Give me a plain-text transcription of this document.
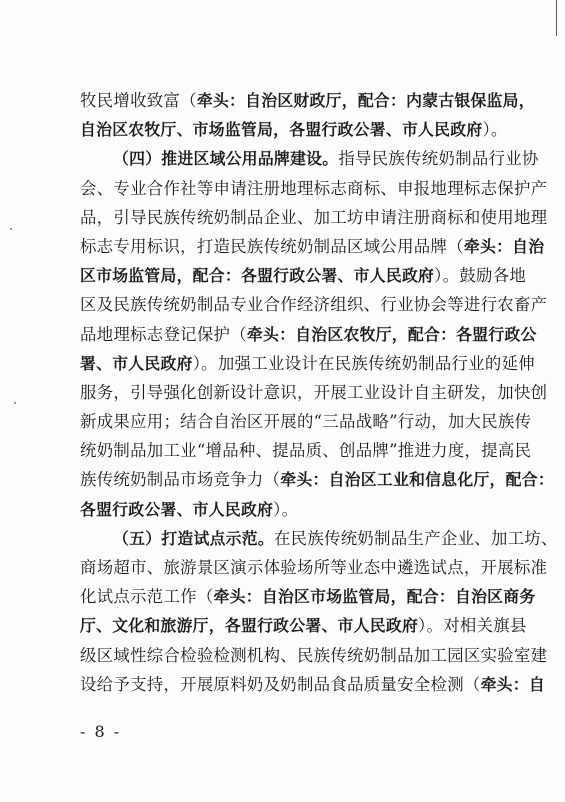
牧民增收致富（牵头：自治区财政厅，配合：内蒙古银保监局，
自治区农牧厅、市场监管局，各盟行政公署、市人民政府）。
（四）推进区域公用品牌建设。指导民族传统奶制品行业协
会、专业合作社等申请注册地理标志商标、申报地理标志保护产
品，引导民族传统奶制品企业、加工坊申请注册商标和使用地理
标志专用标识，打造民族传统奶制品区域公用品牌（牵头：自治
区市场监管局，配合：各盟行政公署、市人民政府）。鼓励各地
区及民族传统奶制品专业合作经济组织、行业协会等进行农畜产
品地理标志登记保护（牵头：自治区农牧厅，配合：各盟行政公
署、市人民政府）。加强工业设计在民族传统奶制品行业的延伸
服务，引导强化创新设计意识，开展工业设计自主研发，加快创
新成果应用；结合自治区开展的“三品战略”行动，加大民族传
统奶制品加工业“增品种、提品质、创品牌”推进力度，提高民
族传统奶制品市场竞争力（牵头：自治区工业和信息化厅，配合：
各盟行政公署、市人民政府）。
（五）打造试点示范。在民族传统奶制品生产企业、加工坊、
商场超市、旅游景区演示体验场所等业态中遴选试点，开展标准
化试点示范工作（牵头：自治区市场监管局，配合：自治区商务
厅、文化和旅游厅，各盟行政公署、市人民政府）。对相关旗县
级区域性综合检验检测机构、民族传统奶制品加工园区实验室建
设给予支持，开展原料奶及奶制品食品质量安全检测（牵头：自
- 8 -
